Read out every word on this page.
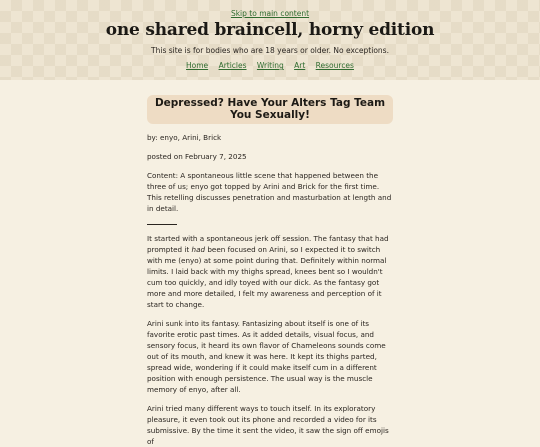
Skip to main content
one shared braincell, horny edition
This site is for bodies who are 18 years or older. No exceptions.
Home Articles Writing Art Resources
Depressed? Have Your Alters Tag Team You Sexually!

by: enyo, Arini, Brick

posted on February 7, 2025

Content: A spontaneous little scene that happened between the three of us; enyo got topped by Arini and Brick for the first time. This retelling discusses penetration and masturbation at length and in detail.

It started with a spontaneous jerk off session. The fantasy that had prompted it had been focused on Arini, so I expected it to switch with me (enyo) at some point during that. Definitely within normal limits. I laid back with my thighs spread, knees bent so I wouldn't cum too quickly, and idly toyed with our dick. As the fantasy got more and more detailed, I felt my awareness and perception of it start to change.

Arini sunk into its fantasy. Fantasizing about itself is one of its favorite erotic past times. As it added details, visual focus, and sensory focus, it heard its own flavor of Chameleons sounds come out of its mouth, and knew it was here. It kept its thighs parted, spread wide, wondering if it could make itself cum in a different position with enough persistence. The usual way is the muscle memory of enyo, after all.

Arini tried many different ways to touch itself. In its exploratory pleasure, it even took out its phone and recorded a video for its submissive. By the time it sent the video, it saw the sign off emojis of
